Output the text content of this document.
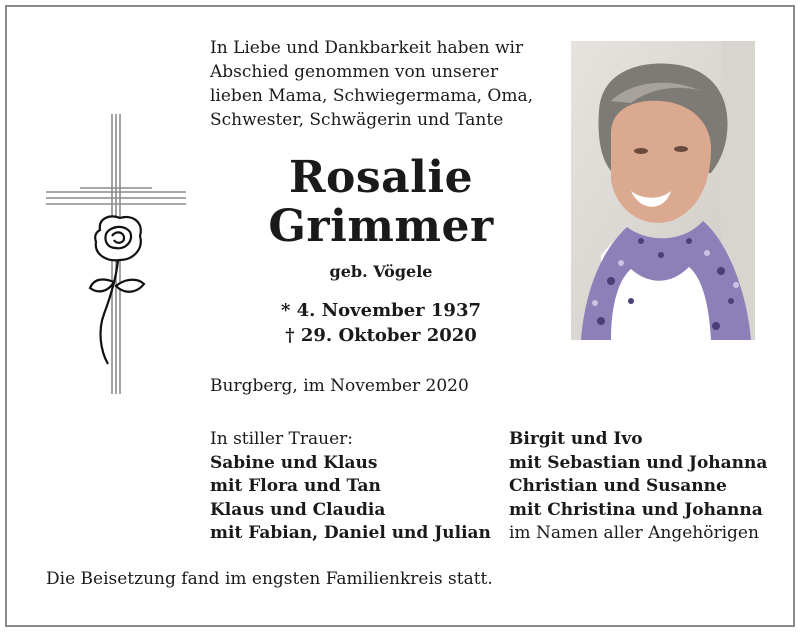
In Liebe und Dankbarkeit haben wir
Abschied genommen von unserer
lieben Mama, Schwiegermama, Oma,
Schwester, Schwägerin und Tante
Rosalie
Grimmer
geb. Vögele
* 4. November 1937
† 29. Oktober 2020
Burgberg, im November 2020
In stiller Trauer:
Sabine und Klaus
mit Flora und Tan
Klaus und Claudia
mit Fabian, Daniel und Julian
Birgit und Ivo
mit Sebastian und Johanna
Christian und Susanne
mit Christina und Johanna
im Namen aller Angehörigen
Die Beisetzung fand im engsten Familienkreis statt.
